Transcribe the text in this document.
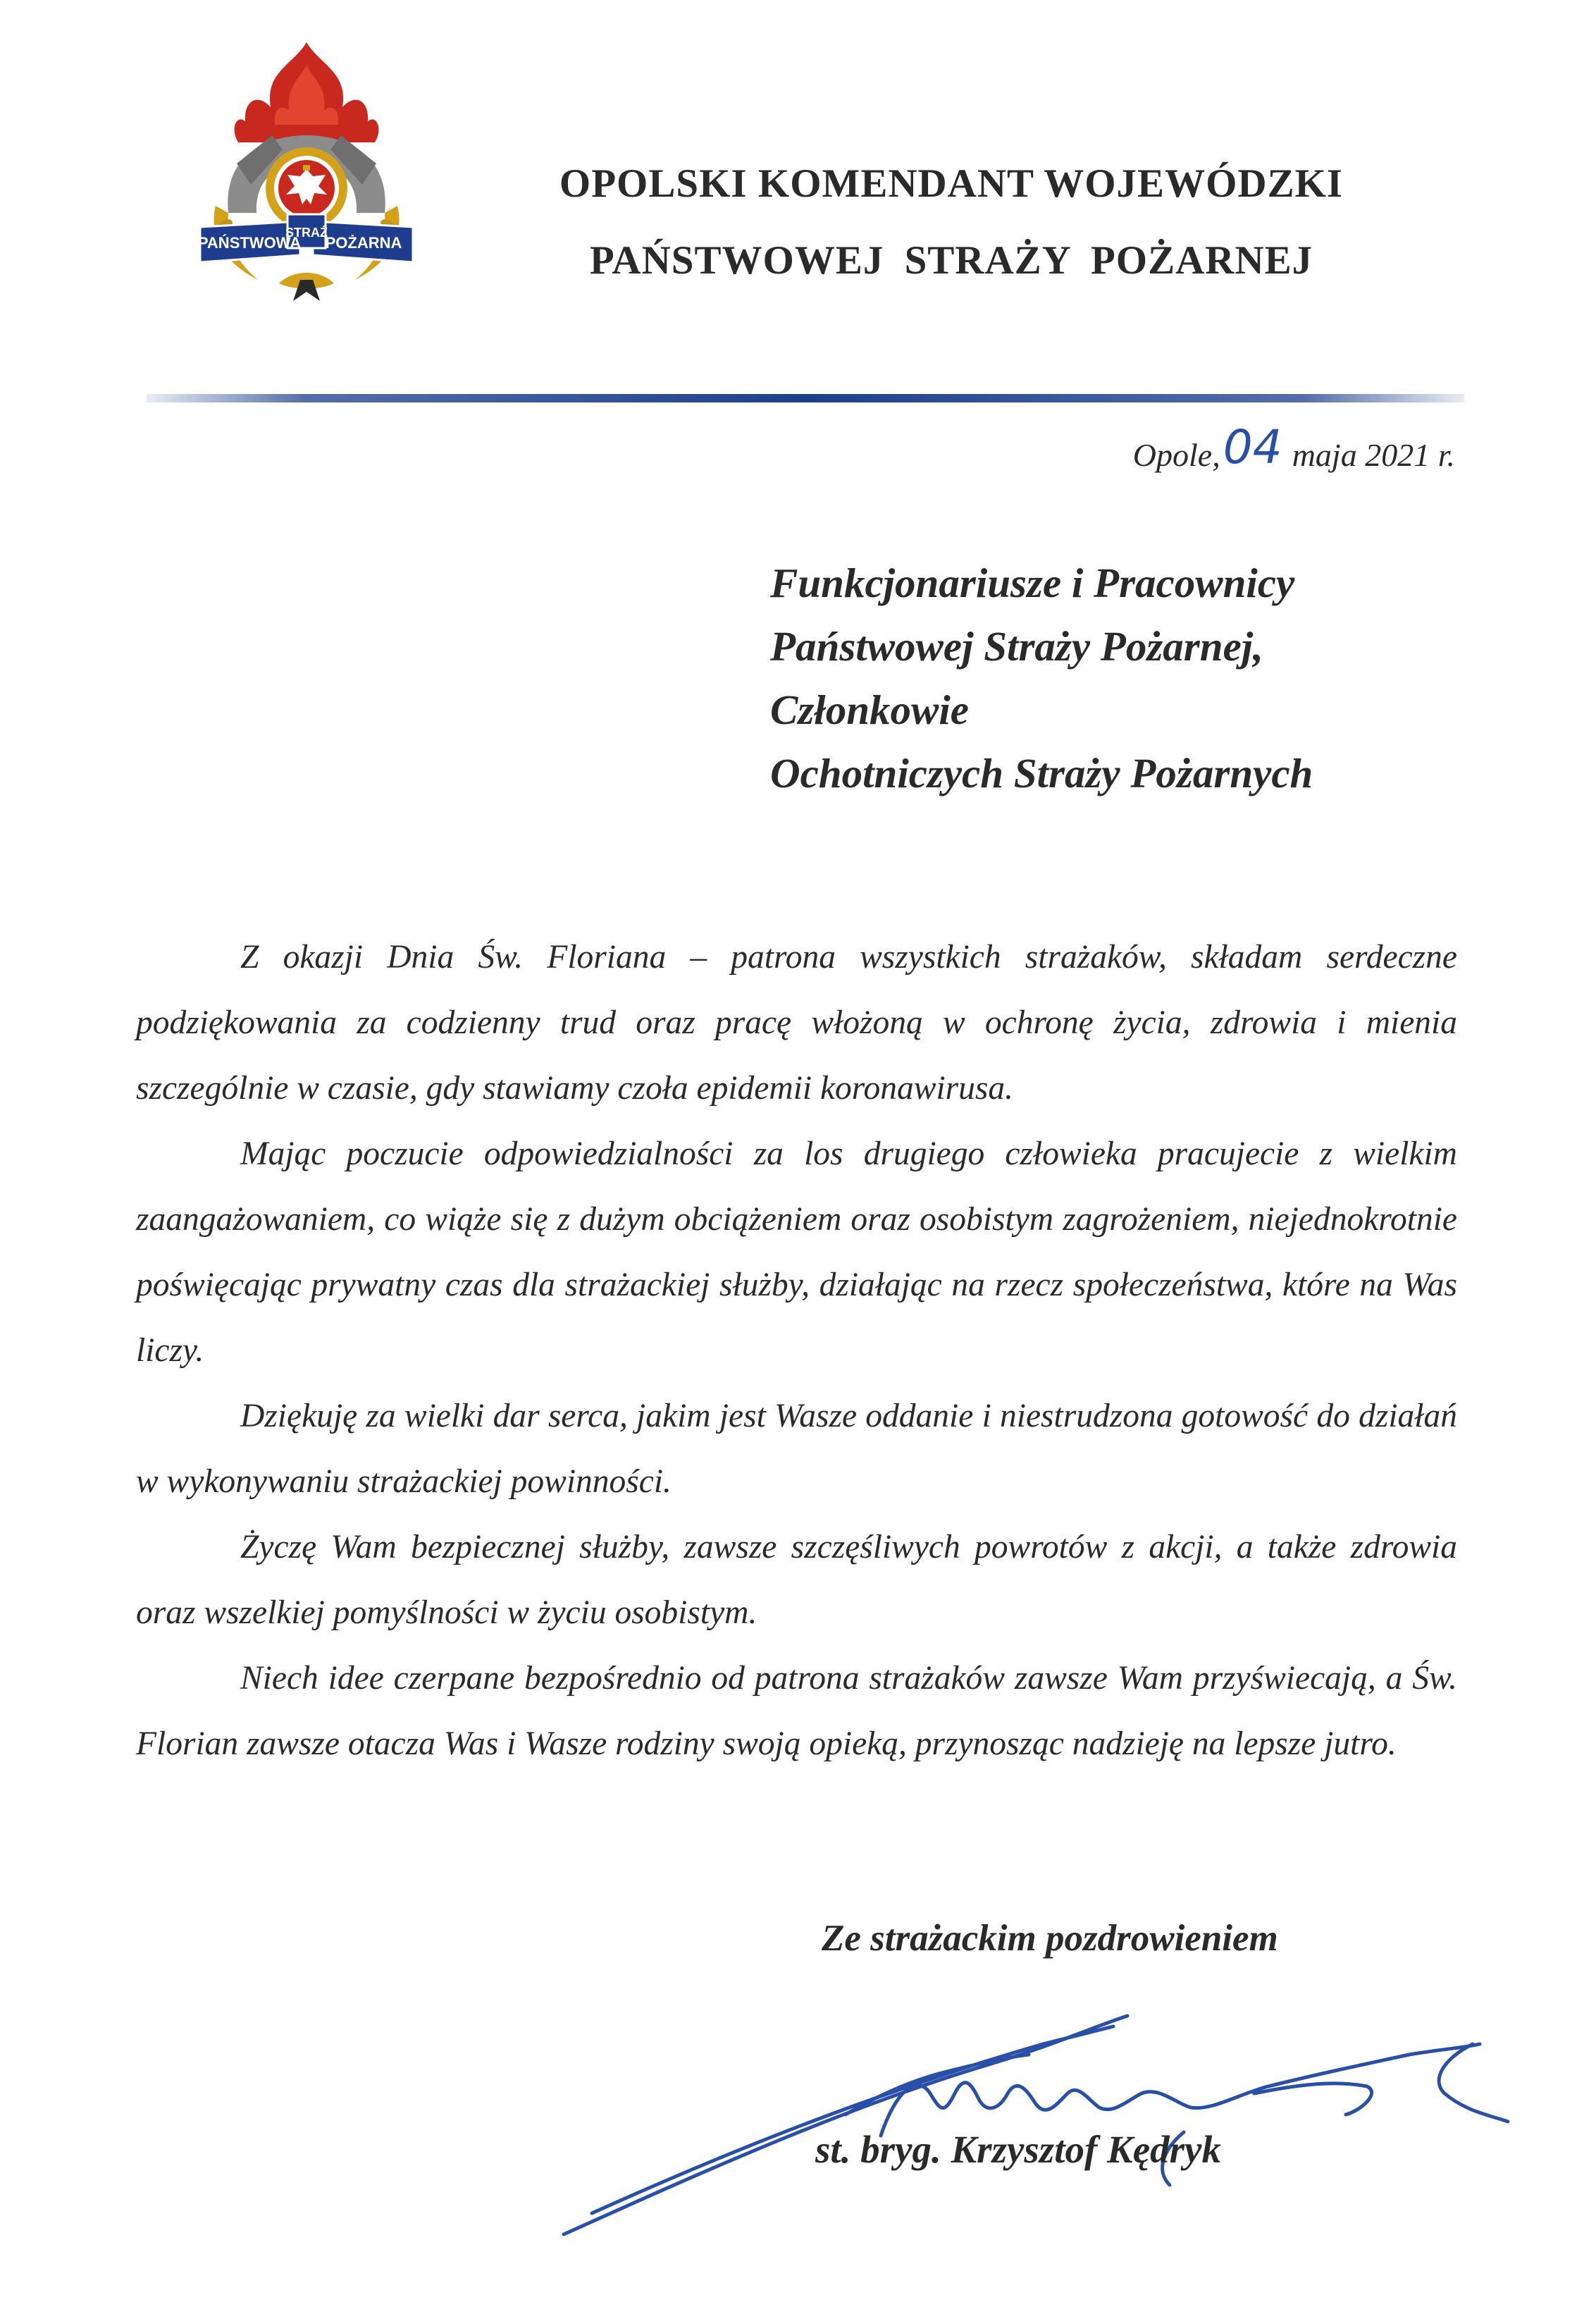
PAŃSTWOWA
STRAŻ
POŻARNA
OPOLSKI KOMENDANT WOJEWÓDZKI
PAŃSTWOWEJ STRAŻY POŻARNEJ
Opole,04 maja 2021 r.
Funkcjonariusze i Pracownicy
Państwowej Straży Pożarnej,
Członkowie
Ochotniczych Straży Pożarnych

Z okazji Dnia Św. Floriana – patrona wszystkich strażaków, składam serdeczne podziękowania za codzienny trud oraz pracę włożoną w ochronę życia, zdrowia i mienia szczególnie w czasie, gdy stawiamy czoła epidemii koronawirusa.

Mając poczucie odpowiedzialności za los drugiego człowieka pracujecie z wielkim zaangażowaniem, co wiąże się z dużym obciążeniem oraz osobistym zagrożeniem, niejednokrotnie poświęcając prywatny czas dla strażackiej służby, działając na rzecz społeczeństwa, które na Was liczy.

Dziękuję za wielki dar serca, jakim jest Wasze oddanie i niestrudzona gotowość do działań w wykonywaniu strażackiej powinności.

Życzę Wam bezpiecznej służby, zawsze szczęśliwych powrotów z akcji, a także zdrowia oraz wszelkiej pomyślności w życiu osobistym.

Niech idee czerpane bezpośrednio od patrona strażaków zawsze Wam przyświecają, a Św. Florian zawsze otacza Was i Wasze rodziny swoją opieką, przynosząc nadzieję na lepsze jutro.

Ze strażackim pozdrowieniem
st. bryg. Krzysztof Kędryk
